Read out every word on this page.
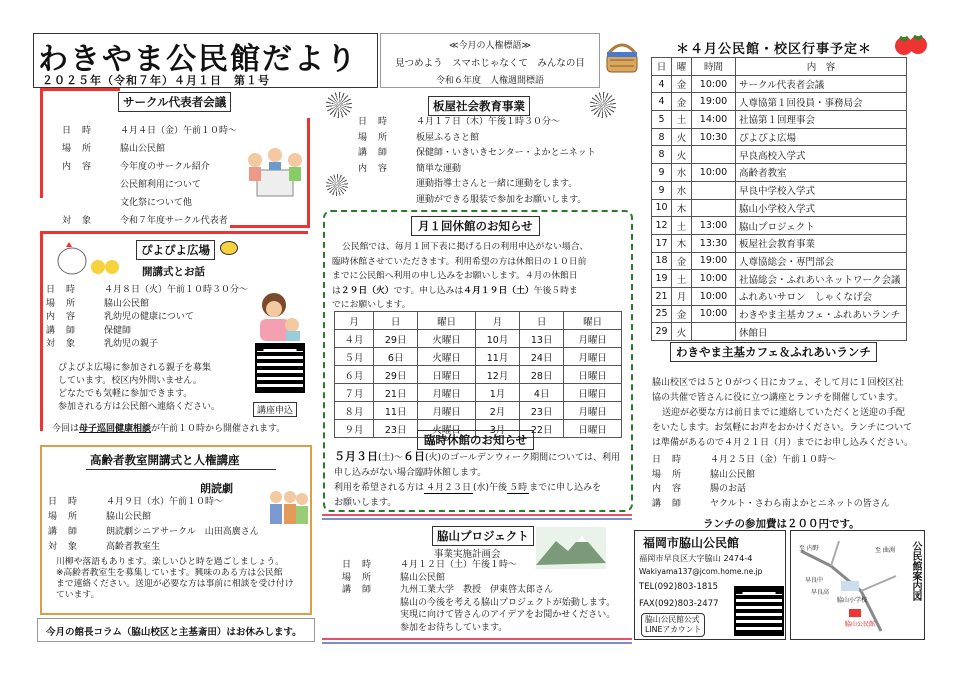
わきやま公民館だより
２０２５年（令和７年）４月１日　第１号
≪今月の人権標語≫
見つめよう　スマホじゃなくて　みんなの目
令和６年度　人権週間標語
＊４月公民館・校区行事予定＊
日	曜	時間	内　容
4	金	10:00	サークル代表者会議
4	金	19:00	人尊協第１回役員・事務局会
5	土	14:00	社協第１回理事会
8	火	10:30	ぴよぴよ広場
8	火		早良高校入学式
9	水	10:00	高齢者教室
9	水		早良中学校入学式
10	木		脇山小学校入学式
12	土	13:00	脇山プロジェクト
17	木	13:30	板屋社会教育事業
18	金	19:00	人尊協総会・専門部会
19	土	10:00	社協総会・ふれあいネットワーク会議
21	月	10:00	ふれあいサロン　しゃくなげ会
25	金	10:00	わきやま主基カフェ・ふれあいランチ
29	火		休館日
サークル代表者会議
日　時	４月４日（金）午前１０時～
場　所	脇山公民館
内　容	今年度のサークル紹介
公民館利用について
文化祭について他
対　象	令和７年度サークル代表者
ぴよぴよ広場
開講式とお話
日　時	４月８日（火）午前１０時３０分～
場　所	脇山公民館
内　容	乳幼児の健康について
講　師	保健師
対　象	乳幼児の親子
ぴよぴよ広場に参加される親子を募集
しています。校区内外問いません。
どなたでも気軽に参加できます。
参加される方は公民館へ連絡ください。	講座申込
今回は母子巡回健康相談が午前１０時から開催されます。
高齢者教室開講式と人権講座
朗読劇
日　時	４月９日（水）午前１０時～
場　所	脇山公民館
講　師	朗読劇シニアサークル　山田高廣さん
対　象	高齢者教室生
川柳や落語もあります。楽しいひと時を過ごしましょう。
※高齢者教室生を募集しています。興味のある方は公民館
まで連絡ください。送迎が必要な方は事前に相談を受け付け
ています。
今月の館長コラム（脇山校区と主基斎田）はお休みします。
板屋社会教育事業
日　時	４月１７日（木）午後１時３０分～
場　所	板屋ふるさと館
講　師	保健師・いきいきセンター・よかとニネット
内　容	簡単な運動
運動指導士さんと一緒に運動をします。
運動ができる服装で参加をお願いします。
月１回休館のお知らせ
公民館では、毎月１回下表に掲げる日の利用申込がない場合、
臨時休館させていただきます。利用希望の方は休館日の１０日前
までに公民館へ利用の申し込みをお願いします。４月の休館日
は２９日（火）です。申し込みは４月１９日（土）午後５時ま
でにお願いします。
月	日	曜日	月	日	曜日
４月	29日	火曜日	10月	13日	月曜日
５月	6日	火曜日	11月	24日	月曜日
６月	29日	日曜日	12月	28日	日曜日
７月	21日	月曜日	1月	4日	日曜日
８月	11日	月曜日	2月	23日	月曜日
９月	23日	火曜日	3月	22日	日曜日
臨時休館のお知らせ
５月３日(土)～６日(火)のゴールデンウィーク期間については、利用
申し込みがない場合臨時休館します。
利用を希望される方は ４月２３日 (水)午後 ５時 までに申し込みを
お願いします。
脇山プロジェクト
事業実施計画会
日　時	４月１２日（土）午後１時～
場　所	脇山公民館
講　師	九州工業大学　教授　伊東啓太郎さん
脇山の今後を考える脇山プロジェクトが始動します。
実現に向けて皆さんのアイデアをお聞かせください。
参加をお待ちしています。
わきやま主基カフェ＆ふれあいランチ
脇山校区では５と０がつく日にカフェ、そして月に１回校区社
協の共催で皆さんに役に立つ講座とランチを開催しています。
送迎が必要な方は前日までに連絡していただくと送迎の手配
をいたします。お気軽にお声をおかけください。ランチについて
は準備があるので４月２１日（月）までにお申し込みください。
日　時	４月２５日（金）午前１０時～
場　所	脇山公民館
内　容	腸のお話
講　師	ヤクルト・さわら南よかとニネットの皆さん
ランチの参加費は２００円です。
福岡市脇山公民館
福岡市早良区大字脇山 2474-4
Wakiyama137@jcom.home.ne.jp
TEL(092)803-1815
FAX(092)803-2477
脇山公民館公式
LINEアカウント
至 内野	至 曲渕
早良中
早良高
脇山小学校
脇山公民館
公民館案内図
